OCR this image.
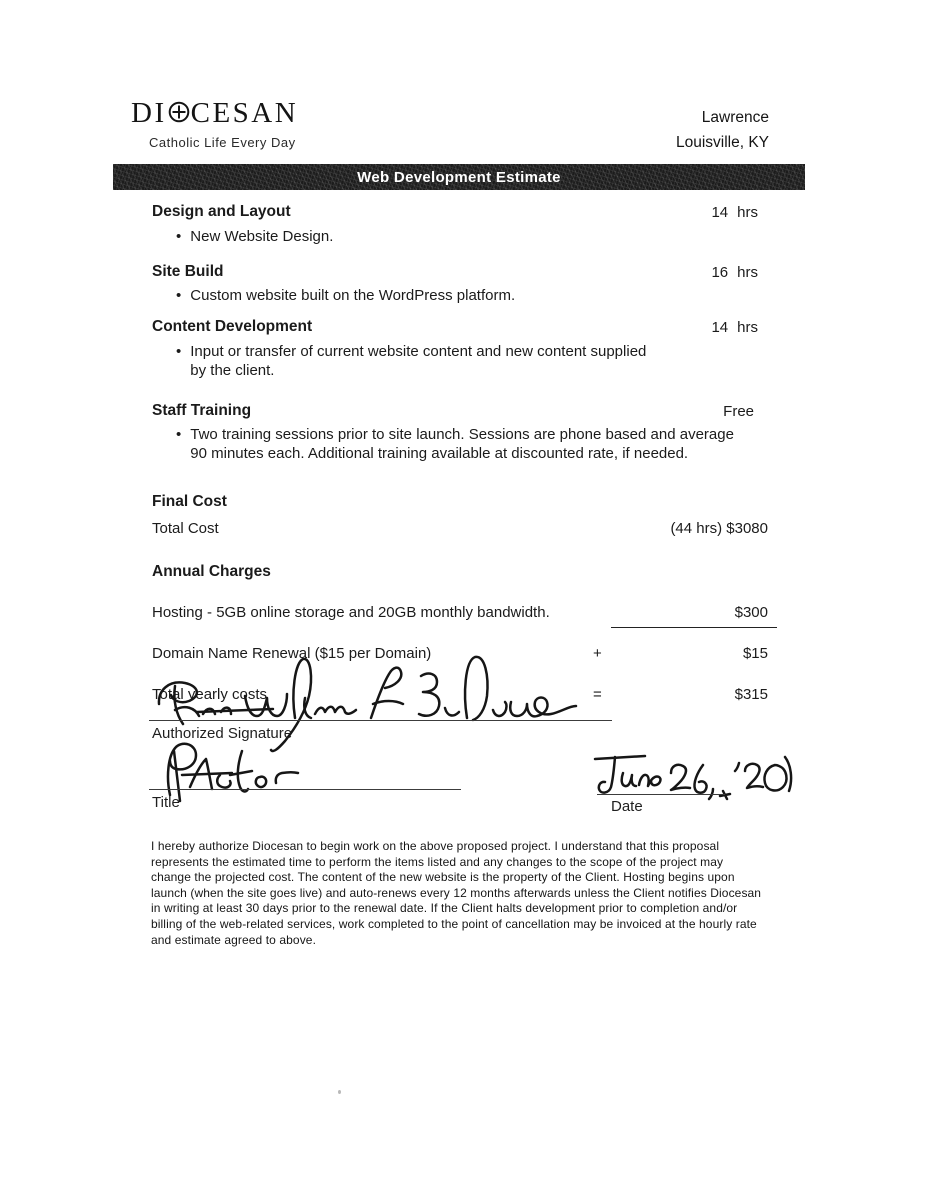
DI CESAN
Catholic Life Every Day
Lawrence
Louisville, KY
Web Development Estimate
Design and Layout	14 hrs
• New Website Design.
Site Build	16 hrs
• Custom website built on the WordPress platform.
Content Development	14 hrs
• Input or transfer of current website content and new content supplied by the client.
Staff Training	Free
• Two training sessions prior to site launch. Sessions are phone based and average 90 minutes each. Additional training available at discounted rate, if needed.
Final Cost
Total Cost	(44 hrs) $3080
Annual Charges
Hosting - 5GB online storage and 20GB monthly bandwidth.	$300
Domain Name Renewal ($15 per Domain)	+	$15
Total yearly costs	=	$315
Authorized Signature
Title	Date
I hereby authorize Diocesan to begin work on the above proposed project. I understand that this proposal represents the estimated time to perform the items listed and any changes to the scope of the project may change the projected cost. The content of the new website is the property of the Client. Hosting begins upon launch (when the site goes live) and auto-renews every 12 months afterwards unless the Client notifies Diocesan in writing at least 30 days prior to the renewal date. If the Client halts development prior to completion and/or billing of the web-related services, work completed to the point of cancellation may be invoiced at the hourly rate and estimate agreed to above.
